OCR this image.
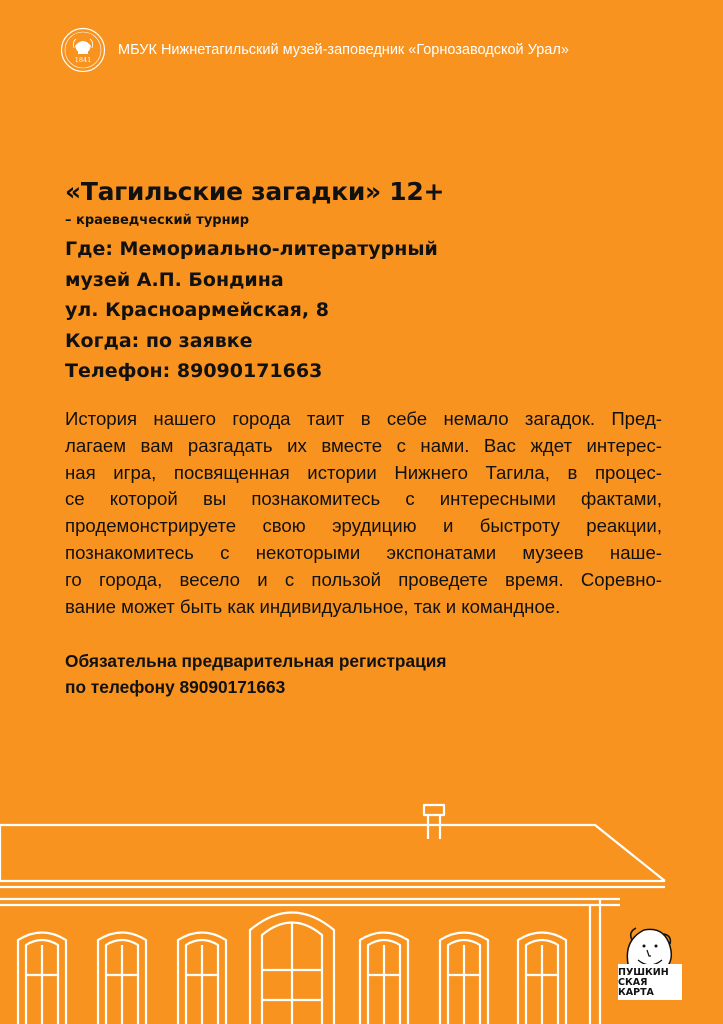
1841
МБУК Нижнетагильский музей-заповедник «Горнозаводской Урал»
«Тагильские загадки» 12+
– краеведческий турнир
Где: Мемориально-литературный
музей А.П. Бондина
ул. Красноармейская, 8
Когда: по заявке
Телефон: 89090171663

История нашего города таит в себе немало загадок. Пред-
лагаем вам разгадать их вместе с нами. Вас ждет интерес-
ная игра, посвященная истории Нижнего Тагила, в процес-
се которой вы познакомитесь с интересными фактами,
продемонстрируете свою эрудицию и быстроту реакции,
познакомитесь с некоторыми экспонатами музеев наше-
го города, весело и с пользой проведете время. Соревно-
вание может быть как индивидуальное, так и командное.

Обязательна предварительная регистрация
по телефону 89090171663
ПУШКИН
СКАЯ
КАРТА
